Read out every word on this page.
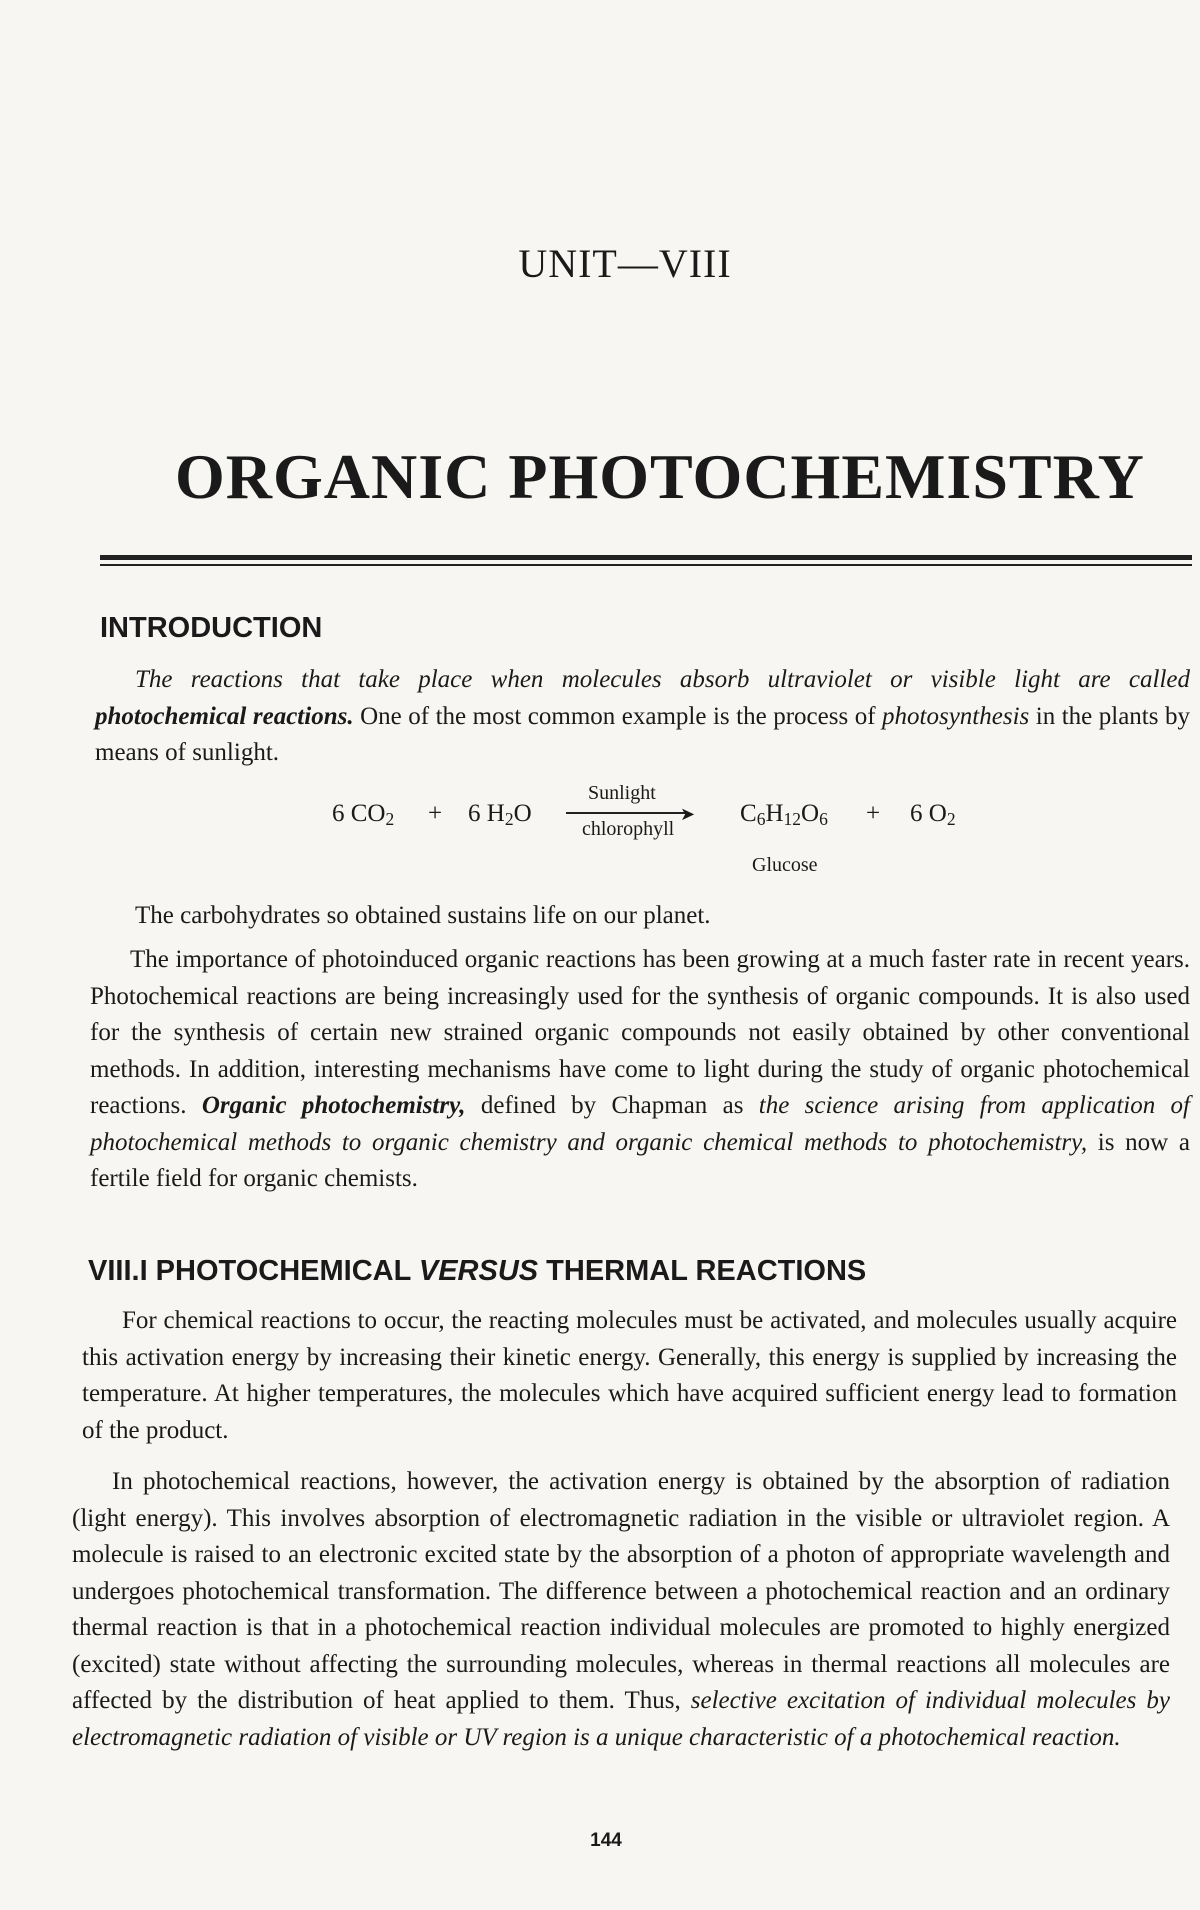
UNIT—VIII
ORGANIC PHOTOCHEMISTRY
INTRODUCTION
The reactions that take place when molecules absorb ultraviolet or visible light are called photochemical reactions. One of the most common example is the process of photosynthesis in the plants by means of sunlight.
6 $CO_2 + 6$ $H_2O$
Sunlight
➤
chlorophyll
$C_6H_{12}O_6 + 6$ $O_2$
Glucose
The carbohydrates so obtained sustains life on our planet.
The importance of photoinduced organic reactions has been growing at a much faster rate in recent years. Photochemical reactions are being increasingly used for the synthesis of organic compounds. It is also used for the synthesis of certain new strained organic compounds not easily obtained by other conventional methods. In addition, interesting mechanisms have come to light during the study of organic photochemical reactions. Organic photochemistry, defined by Chapman as the science arising from application of photochemical methods to organic chemistry and organic chemical methods to photochemistry, is now a fertile field for organic chemists.
VIII.I PHOTOCHEMICAL VERSUS THERMAL REACTIONS
For chemical reactions to occur, the reacting molecules must be activated, and molecules usually acquire this activation energy by increasing their kinetic energy. Generally, this energy is supplied by increasing the temperature. At higher temperatures, the molecules which have acquired sufficient energy lead to formation of the product.
In photochemical reactions, however, the activation energy is obtained by the absorption of radiation (light energy). This involves absorption of electromagnetic radiation in the visible or ultraviolet region. A molecule is raised to an electronic excited state by the absorption of a photon of appropriate wavelength and undergoes photochemical transformation. The difference between a photochemical reaction and an ordinary thermal reaction is that in a photochemical reaction individual molecules are promoted to highly energized (excited) state without affecting the surrounding molecules, whereas in thermal reactions all molecules are affected by the distribution of heat applied to them. Thus, selective excitation of individual molecules by electromagnetic radiation of visible or UV region is a unique characteristic of a photochemical reaction.
144
